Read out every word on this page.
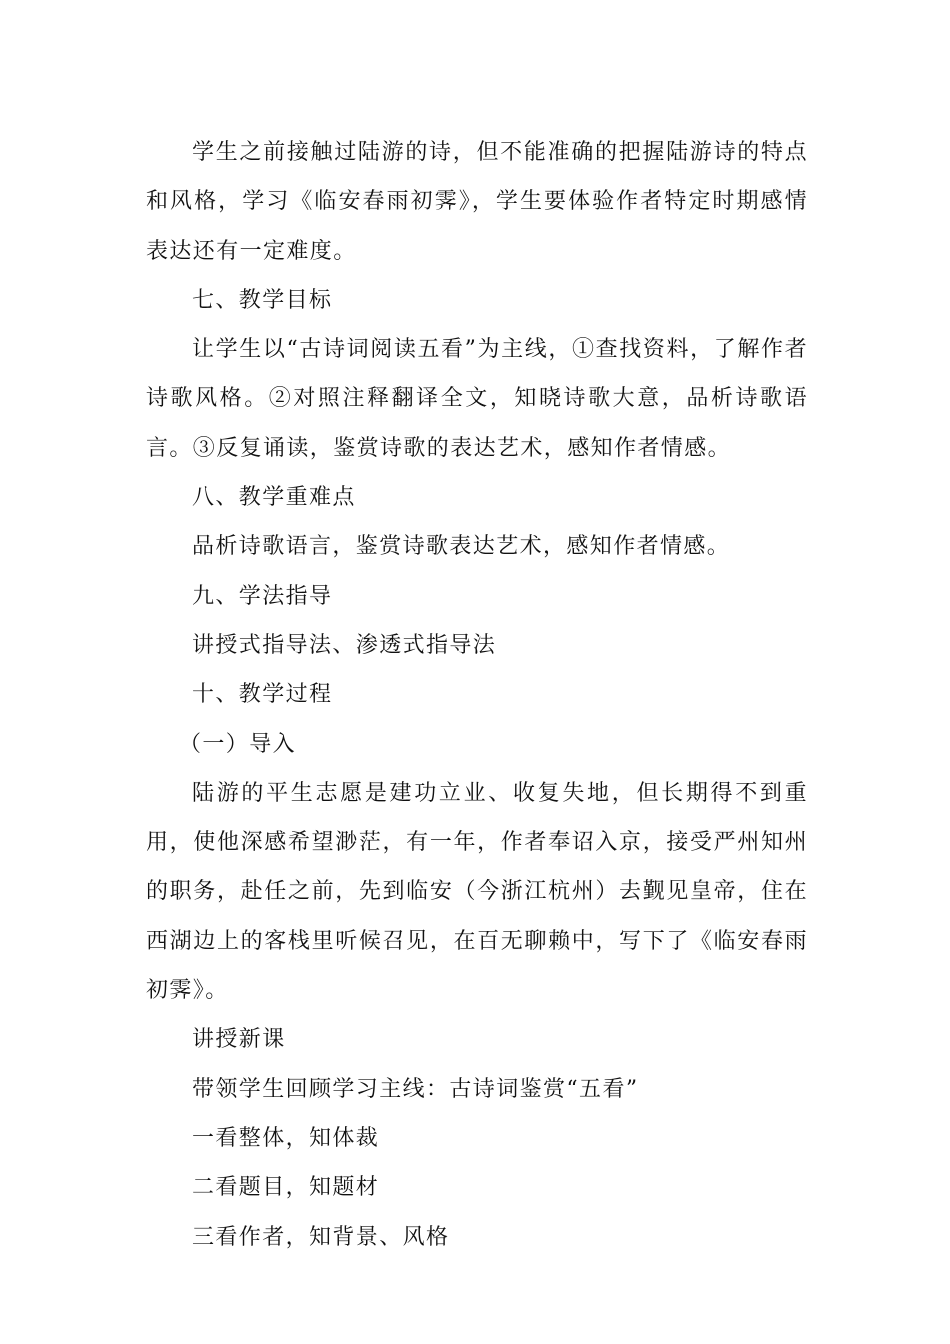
学生之前接触过陆游的诗，但不能准确的把握陆游诗的特点和风格，学习《临安春雨初霁》，学生要体验作者特定时期感情表达还有一定难度。

七、教学目标

让学生以“古诗词阅读五看”为主线，①查找资料，了解作者诗歌风格。②对照注释翻译全文，知晓诗歌大意，品析诗歌语言。③反复诵读，鉴赏诗歌的表达艺术，感知作者情感。

八、教学重难点

品析诗歌语言，鉴赏诗歌表达艺术，感知作者情感。

九、学法指导

讲授式指导法、渗透式指导法

十、教学过程

（一）导入

陆游的平生志愿是建功立业、收复失地，但长期得不到重用，使他深感希望渺茫，有一年，作者奉诏入京，接受严州知州的职务，赴任之前，先到临安（今浙江杭州）去觐见皇帝，住在西湖边上的客栈里听候召见，在百无聊赖中，写下了《临安春雨初霁》。

讲授新课

带领学生回顾学习主线：古诗词鉴赏“五看”

一看整体，知体裁

二看题目，知题材

三看作者，知背景、风格
